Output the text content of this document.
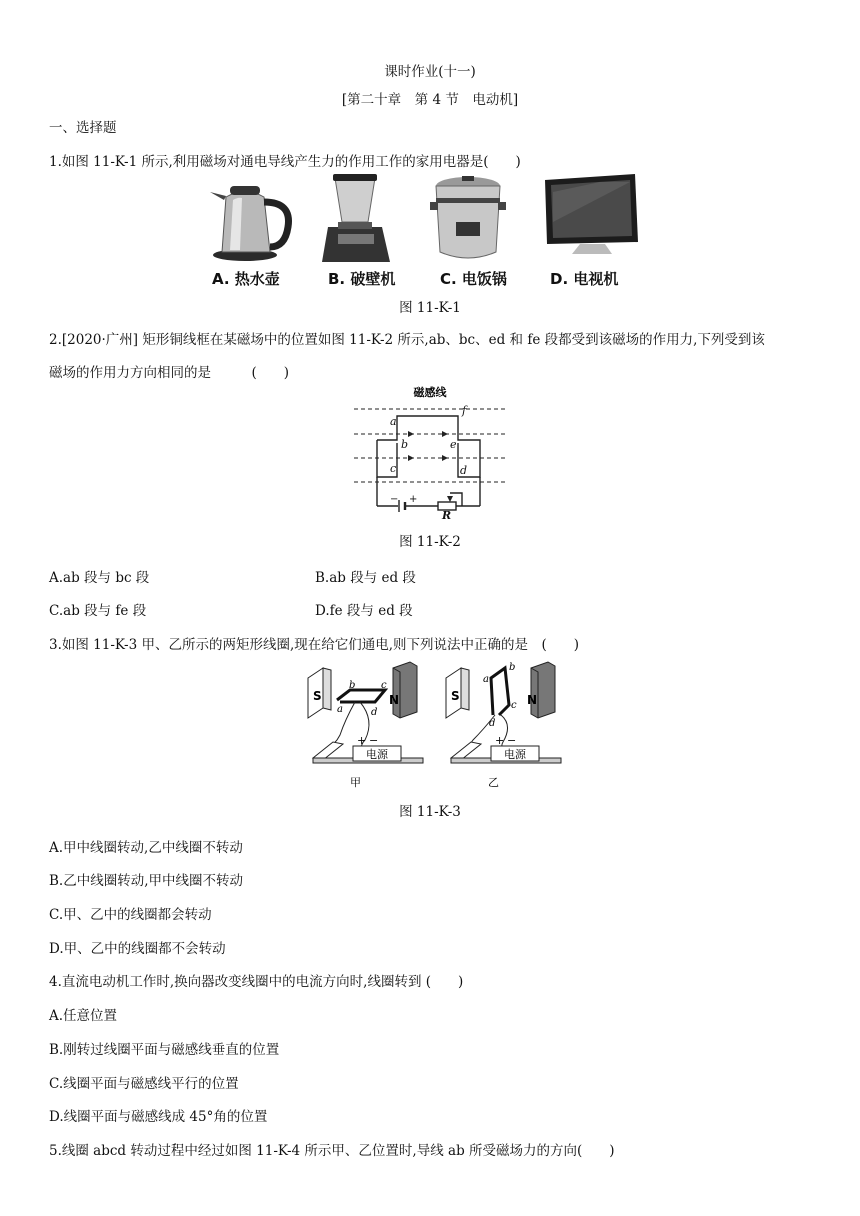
课时作业(十一)
[第二十章　第 4 节　电动机]
一、选择题
1.如图 11-K-1 所示,利用磁场对通电导线产生力的作用工作的家用电器是(　　)
A. 热水壶	B. 破壁机	C. 电饭锅	D. 电视机
图 11-K-1
2.[2020·广州] 矩形铜线框在某磁场中的位置如图 11-K-2 所示,ab、bc、ed 和 fe 段都受到该磁场的作用力,下列受到该
磁场的作用力方向相同的是　　　(　　)
磁感线
a
b
c	d
e
f
R
− +
图 11-K-2
A.ab 段与 bc 段	B.ab 段与 ed 段
C.ab 段与 fe 段	D.fe 段与 ed 段
3.如图 11-K-3 甲、乙所示的两矩形线圈,现在给它们通电,则下列说法中正确的是　(　　)
S	N
b
a
c
d
电源
+ −
甲
S	N
a
b
c
d
电源
+ −
乙
图 11-K-3
A.甲中线圈转动,乙中线圈不转动
B.乙中线圈转动,甲中线圈不转动
C.甲、乙中的线圈都会转动
D.甲、乙中的线圈都不会转动
4.直流电动机工作时,换向器改变线圈中的电流方向时,线圈转到 (　　)
A.任意位置
B.刚转过线圈平面与磁感线垂直的位置
C.线圈平面与磁感线平行的位置
D.线圈平面与磁感线成 45°角的位置
5.线圈 abcd 转动过程中经过如图 11-K-4 所示甲、乙位置时,导线 ab 所受磁场力的方向(　　)
